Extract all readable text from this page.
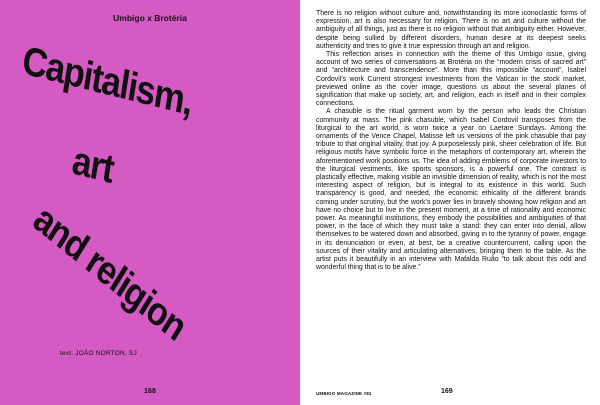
Umbigo x Brotéria
Capitalism,
art
and religion
text: JOÃO NORTON, SJ
168

There is no religion without culture and, notwithstanding its more iconoclastic forms of expression, art is also necessary for religion. There is no art and culture without the ambiguity of all things, just as there is no religion without that ambiguity either. However, despite being sullied by different disorders, human desire at its deepest seeks authenticity and tries to give it true expression through art and religion.

This reflection arises in connection with the theme of this Umbigo issue, giving account of two series of conversations at Brotéria on the “modern crisis of sacred art” and “architecture and transcendence”. More than this impossible “account”, Isabel Cordovil’s work Current strongest investments from the Vatican in the stock market, previewed online as the cover image, questions us about the several planes of signification that make up society, art, and religion, each in itself and in their complex connections.

A chasuble is the ritual garment worn by the person who leads the Christian community at mass. The pink chasuble, which Isabel Cordovil transposes from the liturgical to the art world, is worn twice a year on Laetare Sundays. Among the ornaments of the Vence Chapel, Matisse left us versions of the pink chasuble that pay tribute to that original vitality, that joy. A purposelessly pink, sheer celebration of life. But religious motifs have symbolic force in the metaphors of contemporary art, wherein the aforementioned work positions us. The idea of adding emblems of corporate investors to the liturgical vestments, like sports sponsors, is a powerful one. The contrast is plastically effective, making visible an invisible dimension of reality, which is not the most interesting aspect of religion, but is integral to its existence in this world. Such transparency is good, and needed, the economic ethicality of the different brands coming under scrutiny, but the work’s power lies in bravely showing how religion and art have no choice but to live in the present moment, at a time of rationality and economic power. As meaningful institutions, they embody the possibilities and ambiguities of that power, in the face of which they must take a stand: they can enter into denial, allow themselves to be watered down and absorbed, giving in to the tyranny of power, engage in its denunciation or even, at best, be a creative countercurrent, calling upon the sources of their vitality and articulating alternatives, bringing them to the table. As the artist puts it beautifully in an interview with Mafalda Ruão “to talk about this odd and wonderful thing that is to be alive.”

UMBIGO MAGAZINE #81	169
